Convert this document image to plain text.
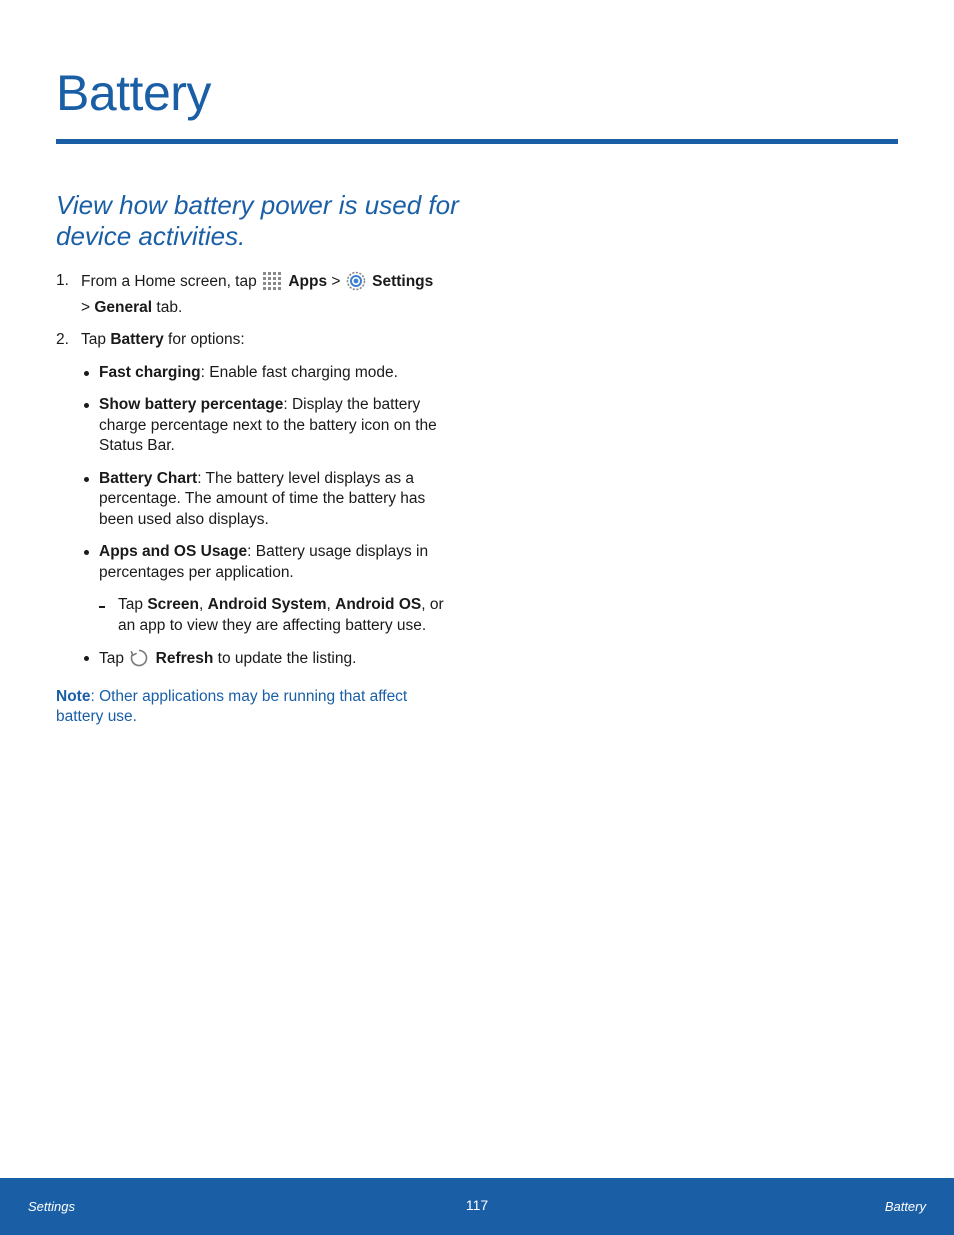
Battery
View how battery power is used for device activities.
1. From a Home screen, tap Apps > Settings
> General tab.
2. Tap Battery for options:
Fast charging: Enable fast charging mode.
Show battery percentage: Display the battery charge percentage next to the battery icon on the Status Bar.
Battery Chart: The battery level displays as a percentage. The amount of time the battery has been used also displays.
Apps and OS Usage: Battery usage displays in percentages per application.
Tap Screen, Android System, Android OS, or an app to view they are affecting battery use.
Tap Refresh to update the listing.
Note: Other applications may be running that affect battery use.
Settings	117	Battery
